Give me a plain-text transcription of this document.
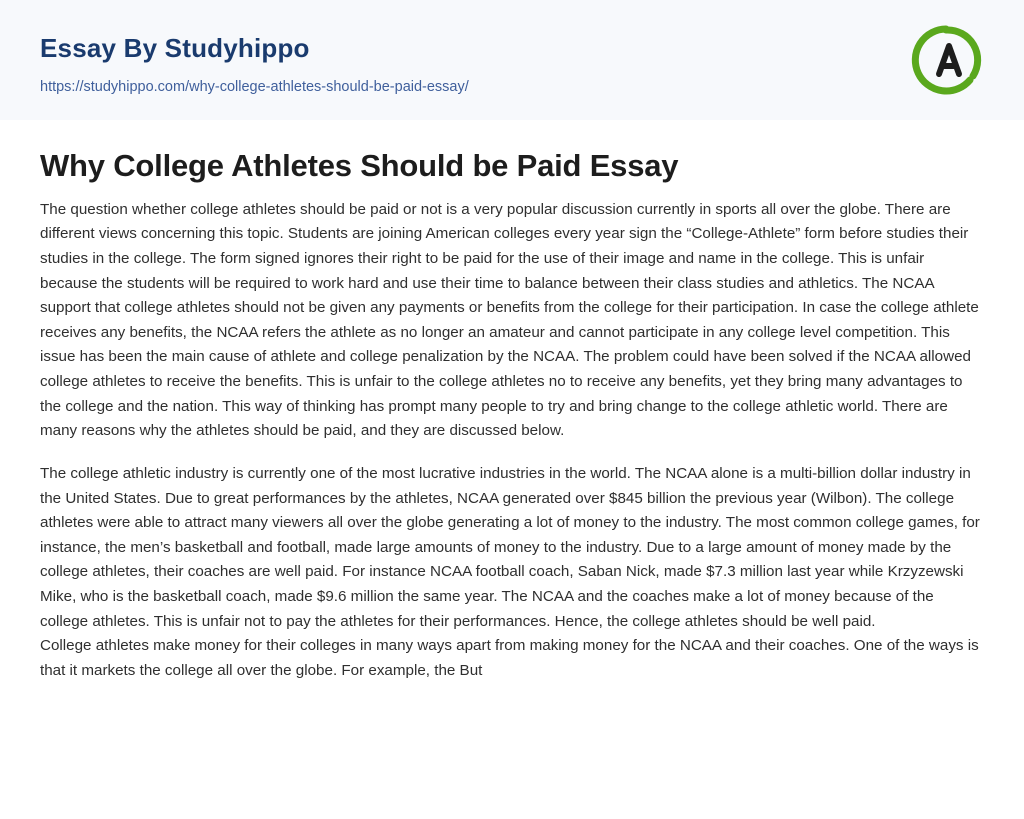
Essay By Studyhippo
https://studyhippo.com/why-college-athletes-should-be-paid-essay/
Why College Athletes Should be Paid Essay

The question whether college athletes should be paid or not is a very popular discussion currently in sports all over the globe. There are different views concerning this topic. Students are joining American colleges every year sign the “College-Athlete” form before studies their studies in the college. The form signed ignores their right to be paid for the use of their image and name in the college. This is unfair because the students will be required to work hard and use their time to balance between their class studies and athletics. The NCAA support that college athletes should not be given any payments or benefits from the college for their participation. In case the college athlete receives any benefits, the NCAA refers the athlete as no longer an amateur and cannot participate in any college level competition. This issue has been the main cause of athlete and college penalization by the NCAA. The problem could have been solved if the NCAA allowed college athletes to receive the benefits. This is unfair to the college athletes no to receive any benefits, yet they bring many advantages to the college and the nation. This way of thinking has prompt many people to try and bring change to the college athletic world. There are many reasons why the athletes should be paid, and they are discussed below.

The college athletic industry is currently one of the most lucrative industries in the world. The NCAA alone is a multi-billion dollar industry in the United States. Due to great performances by the athletes, NCAA generated over $845 billion the previous year (Wilbon). The college athletes were able to attract many viewers all over the globe generating a lot of money to the industry. The most common college games, for instance, the men’s basketball and football, made large amounts of money to the industry. Due to a large amount of money made by the college athletes, their coaches are well paid. For instance NCAA football coach, Saban Nick, made $7.3 million last year while Krzyzewski Mike, who is the basketball coach, made $9.6 million the same year. The NCAA and the coaches make a lot of money because of the college athletes. This is unfair not to pay the athletes for their performances. Hence, the college athletes should be well paid.

College athletes make money for their colleges in many ways apart from making money for the NCAA and their coaches. One of the ways is that it markets the college all over the globe. For example, the But
